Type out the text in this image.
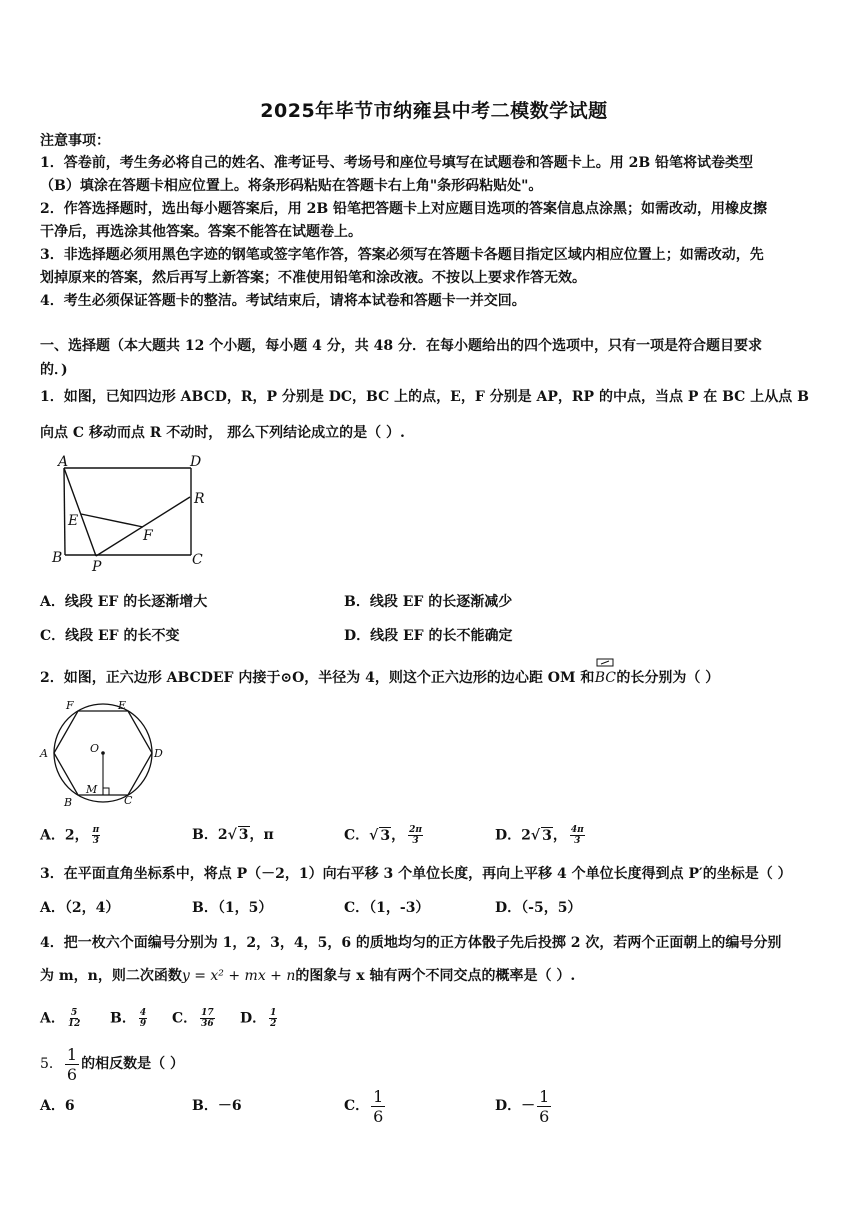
2025年毕节市纳雍县中考二模数学试题
注意事项：
1．答卷前，考生务必将自己的姓名、准考证号、考场号和座位号填写在试题卷和答题卡上。用 2B 铅笔将试卷类型
（B）填涂在答题卡相应位置上。将条形码粘贴在答题卡右上角"条形码粘贴处"。
2．作答选择题时，选出每小题答案后，用 2B 铅笔把答题卡上对应题目选项的答案信息点涂黑；如需改动，用橡皮擦
干净后，再选涂其他答案。答案不能答在试题卷上。
3．非选择题必须用黑色字迹的钢笔或签字笔作答，答案必须写在答题卡各题目指定区域内相应位置上；如需改动，先
划掉原来的答案，然后再写上新答案；不准使用铅笔和涂改液。不按以上要求作答无效。
4．考生必须保证答题卡的整洁。考试结束后，请将本试卷和答题卡一并交回。
一、选择题（本大题共 12 个小题，每小题 4 分，共 48 分．在每小题给出的四个选项中，只有一项是符合题目要求
的．)
1．如图，已知四边形 ABCD，R，P 分别是 DC，BC 上的点，E，F 分别是 AP，RP 的中点，当点 P 在 BC 上从点 B
向点 C 移动而点 R 不动时， 那么下列结论成立的是（ ）.
A	D
R
E
F
B	C
P
A．线段 EF 的长逐渐增大	B．线段 EF 的长逐渐减少
C．线段 EF 的长不变	D．线段 EF 的长不能确定
2．如图，正六边形 ABCDEF 内接于⊙O，半径为 4，则这个正六边形的边心距 OM 和
BC的长分别为（ ）
F	E
A	D
O
M
B	C
A．2， $\frac{\pi}{3}$	B．2√ 3，π	C．√ 3， $\frac{2\pi}{3}$	D．2√ 3， $\frac{4\pi}{3}$
3．在平面直角坐标系中，将点 P（－2，1）向右平移 3 个单位长度，再向上平移 4 个单位长度得到点 P′的坐标是（ ）
A．（2，4）	B．（1，5）	C．（1，-3）	D．（-5，5）
4．把一枚六个面编号分别为 1，2，3，4，5，6 的质地均匀的正方体骰子先后投掷 2 次，若两个正面朝上的编号分别
为 m，n，则二次函数y = x² + mx + n的图象与 x 轴有两个不同交点的概率是（ ）.
A． $\frac{5}{12}$ B． $\frac{4}{9}$ C． $\frac{17}{36}$ D． $\frac{1}{2}$
5． $\frac{1}{6}$ 的相反数是（ ）
A．6	B．－6	C． $\frac{1}{6}$	D．－ $\frac{1}{6}$
